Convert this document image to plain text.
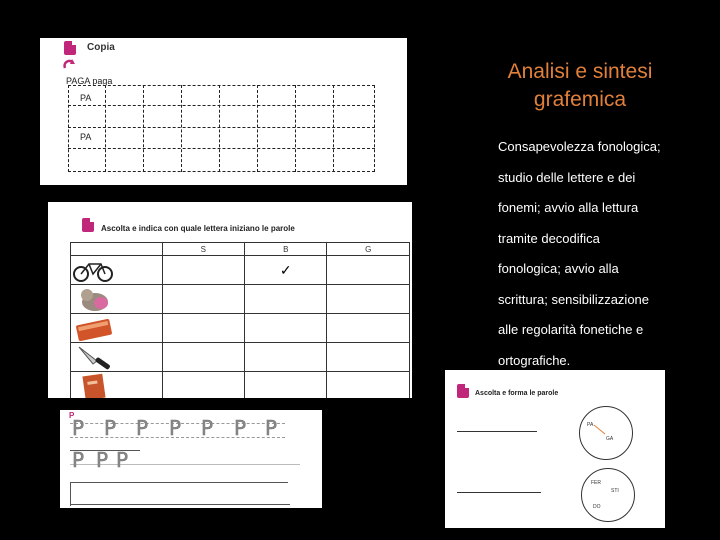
Analisi e sintesi
grafemica
Consapevolezza fonologica;
studio delle lettere e dei
fonemi; avvio alla lettura
tramite decodifica
fonologica; avvio alla
scrittura; sensibilizzazione
alle regolarità fonetiche e
ortografiche.
Copia
PAGA paga
PA
PA
Ascolta e indica con quale lettera iniziano le parole
	S	B	G

		✓	

P
P P P P P P P
P P P
Ascolta e forma le parole
PA
GA
FER
STI
DO
